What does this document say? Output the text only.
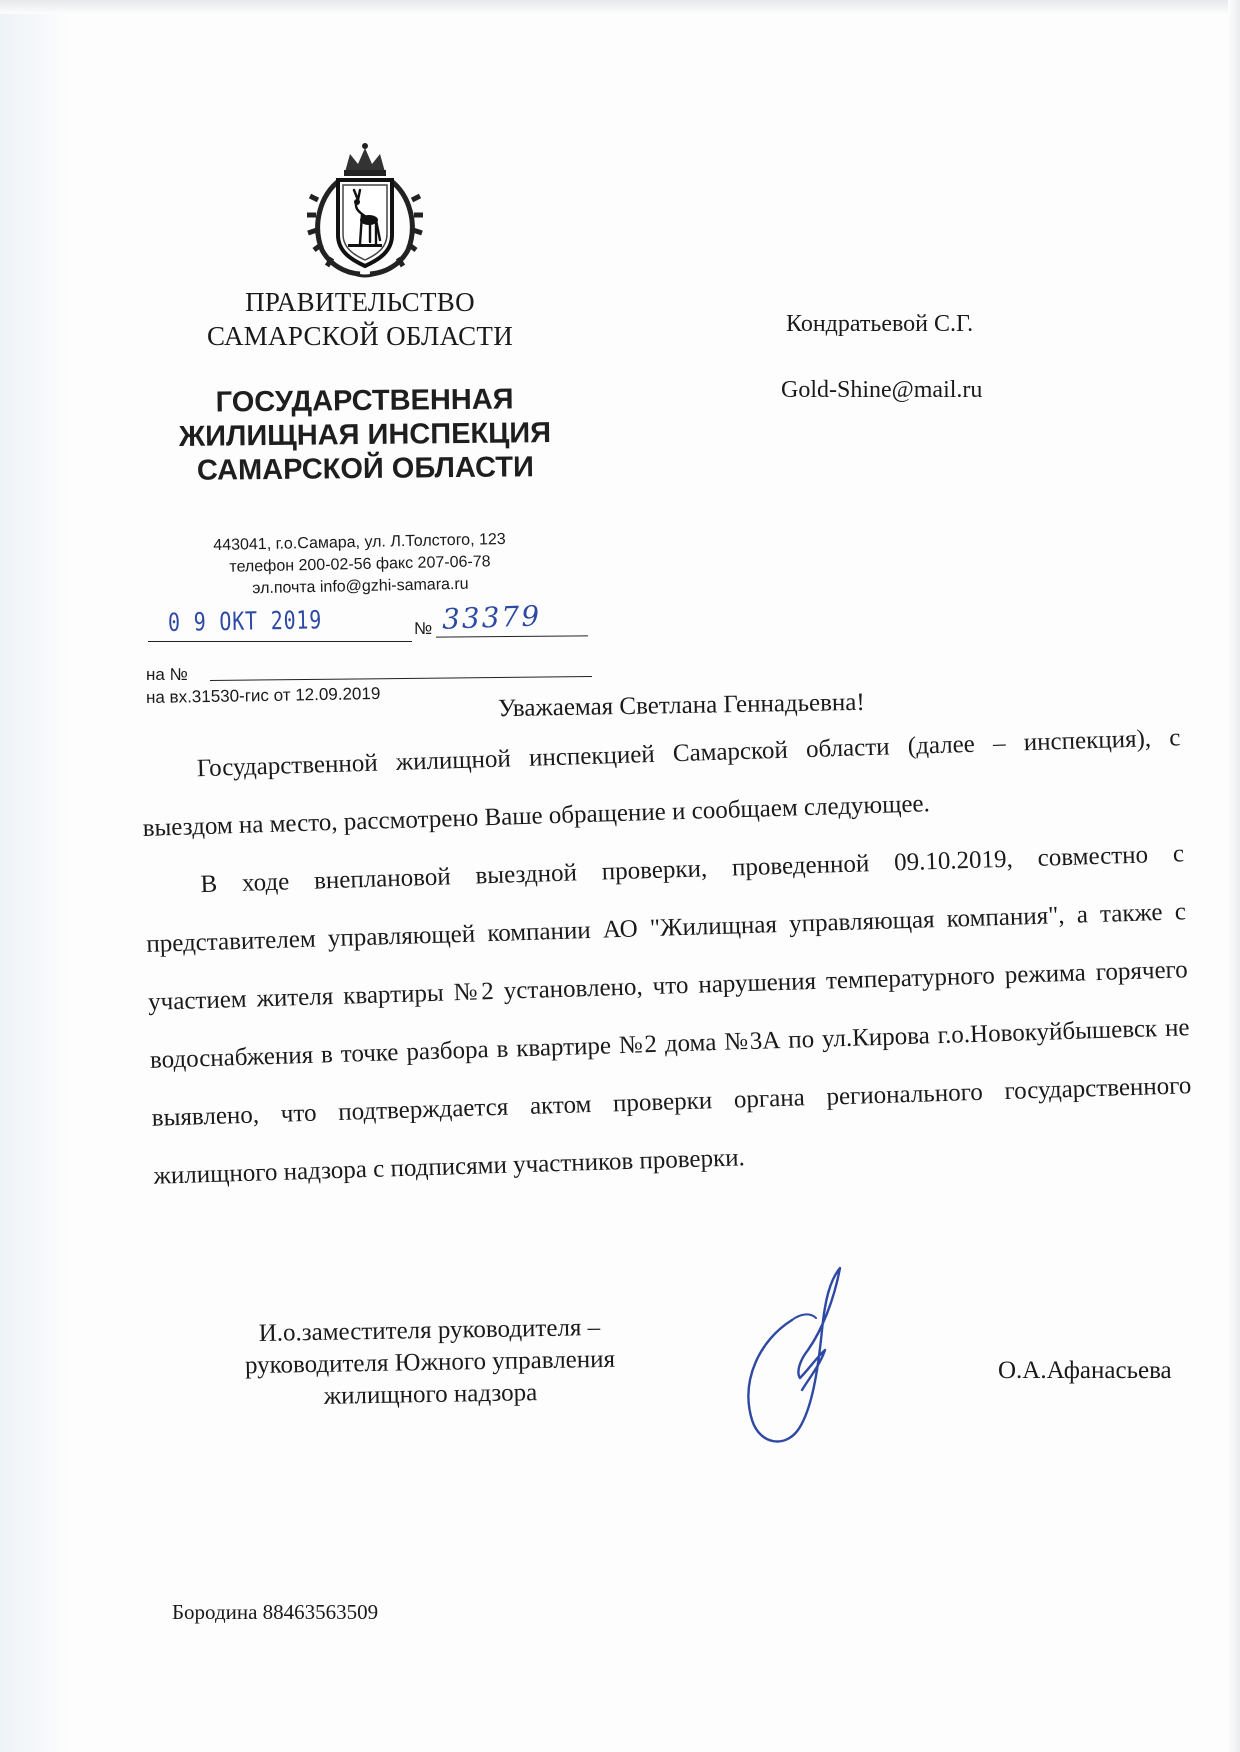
ПРАВИТЕЛЬСТВО
САМАРСКОЙ ОБЛАСТИ
ГОСУДАРСТВЕННАЯ
ЖИЛИЩНАЯ ИНСПЕКЦИЯ
САМАРСКОЙ ОБЛАСТИ
443041, г.о.Самара, ул. Л.Толстого, 123
телефон 200-02-56 факс 207-06-78
эл.почта info@gzhi-samara.ru
0 9 ОКТ 2019	№ 33379
на №
на вх.31530-гис от 12.09.2019
Кондратьевой С.Г.
Gold-Shine@mail.ru
Уважаемая Светлана Геннадьевна!

Государственной жилищной инспекцией Самарской области (далее – инспекция), с выездом на место, рассмотрено Ваше обращение и сообщаем следующее.

В ходе внеплановой выездной проверки, проведенной 09.10.2019, совместно с представителем управляющей компании АО "Жилищная управляющая компания", а также с участием жителя квартиры №2 установлено, что нарушения температурного режима горячего водоснабжения в точке разбора в квартире №2 дома №3А по ул.Кирова г.о.Новокуйбышевск не выявлено, что подтверждается актом проверки органа регионального государственного жилищного надзора с подписями участников проверки.

И.о.заместителя руководителя –
руководителя Южного управления
жилищного надзора
О.А.Афанасьева
Бородина 88463563509
